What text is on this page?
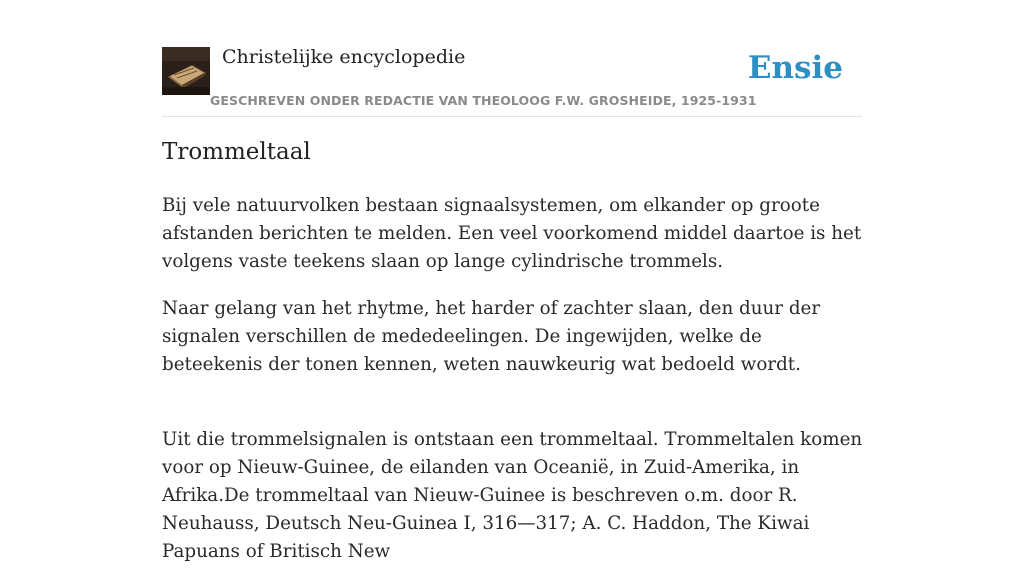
Christelijke encyclopedie
GESCHREVEN ONDER REDACTIE VAN THEOLOOG F.W. GROSHEIDE, 1925-1931
Ensie
Trommeltaal

Bij vele natuurvolken bestaan signaalsystemen, om elkander op groote afstanden berichten te melden. Een veel voorkomend middel daartoe is het volgens vaste teekens slaan op lange cylindrische trommels.

Naar gelang van het rhytme, het harder of zachter slaan, den duur der signalen verschillen de mededeelingen. De ingewijden, welke de beteekenis der tonen kennen, weten nauwkeurig wat bedoeld wordt.

Uit die trommelsignalen is ontstaan een trommeltaal. Trommeltalen komen voor op Nieuw-Guinee, de eilanden van Oceanië, in Zuid-Amerika, in Afrika.De trommeltaal van Nieuw-Guinee is beschreven o.m. door R. Neuhauss, Deutsch Neu-Guinea I, 316—317; A. C. Haddon, The Kiwai Papuans of Britisch New
